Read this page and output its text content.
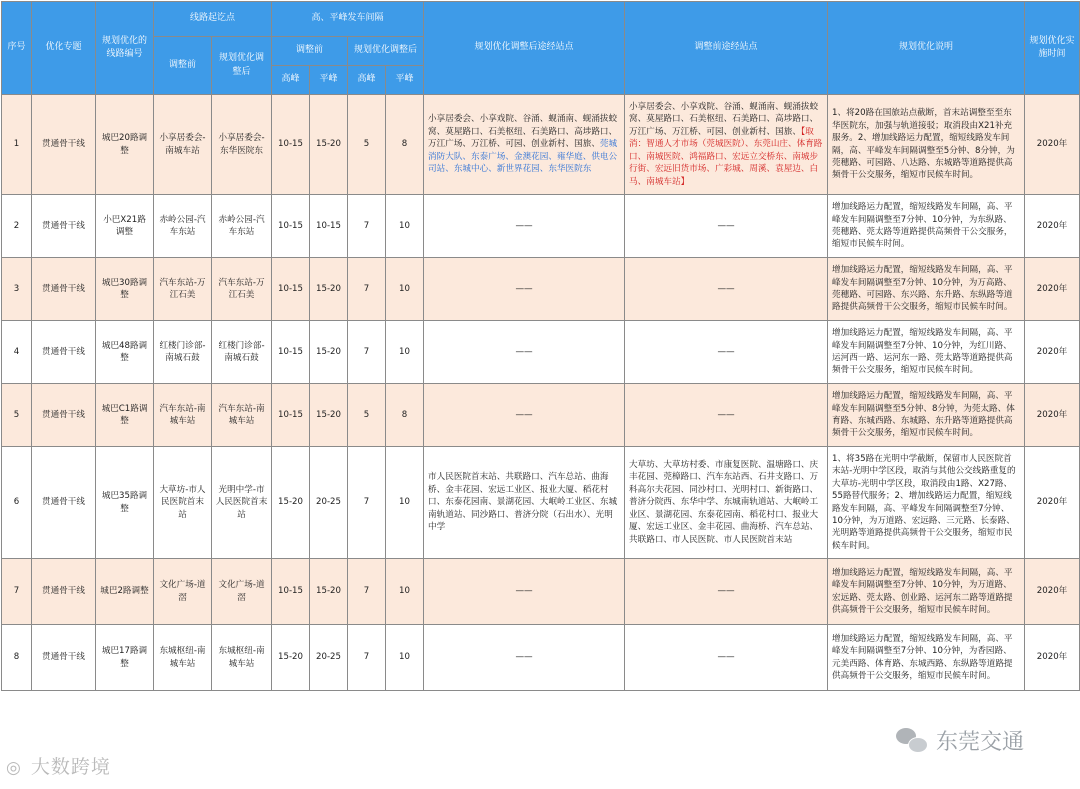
序号	优化专题	规划优化的线路编号	线路起讫点		高、平峰发车间隔				规划优化调整后途经站点	调整前途经站点	规划优化说明	规划优化实施时间
			调整前	规划优化调整后	调整前		规划优化调整后					
					高峰	平峰	高峰	平峰				
1	贯通骨干线	城巴20路调整	小享居委会-南城车站	小享居委会-东华医院东	10-15	15-20	5	8	小享居委会、小享戏院、谷涌、蚬涌南、蚬涌拔蛟窝、莫屋路口、石美枢纽、石美路口、高埗路口、万江广场、万江桥、可园、创业新村、国旅、莞城消防大队、东泰广场、金澳花园、雍华庭、供电公司站、东城中心、新世界花园、东华医院东	小享居委会、小享戏院、谷涌、蚬涌南、蚬涌拔蛟窝、莫屋路口、石美枢纽、石美路口、高埗路口、万江广场、万江桥、可园、创业新村、国旅、【取消：智通人才市场（莞城医院）、东莞山庄、体育路口、南城医院、鸿福路口、宏远立交桥东、南城步行街、宏远旧货市场、广彩城、周溪、袁屋边、白马、南城车站】	1、将20路在国旅站点截断，首末站调整至至东华医院东，加强与轨道接驳；取消段由X21补充服务。2、增加线路运力配置，缩短线路发车间隔，高、平峰发车间隔调整至5分钟、8分钟，为莞穗路、可园路、八达路、东城路等道路提供高频骨干公交服务，缩短市民候车时间。	2020年
2	贯通骨干线	小巴X21路调整	赤岭公园-汽车东站	赤岭公园-汽车东站	10-15	10-15	7	10	——	——	增加线路运力配置，缩短线路发车间隔，高、平峰发车间隔调整至7分钟、10分钟，为东纵路、莞穗路、莞太路等道路提供高频骨干公交服务，缩短市民候车时间。	2020年
3	贯通骨干线	城巴30路调整	汽车东站-万江石美	汽车东站-万江石美	10-15	15-20	7	10	——	——	增加线路运力配置，缩短线路发车间隔，高、平峰发车间隔调整至7分钟、10分钟，为万高路、莞穗路、可园路、东兴路、东升路、东纵路等道路提供高频骨干公交服务，缩短市民候车时间。	2020年
4	贯通骨干线	城巴48路调整	红楼门诊部-南城石鼓	红楼门诊部-南城石鼓	10-15	15-20	7	10	——	——	增加线路运力配置，缩短线路发车间隔，高、平峰发车间隔调整至7分钟、10分钟，为红川路、运河西一路、运河东一路、莞太路等道路提供高频骨干公交服务，缩短市民候车时间。	2020年
5	贯通骨干线	城巴C1路调整	汽车东站-南城车站	汽车东站-南城车站	10-15	15-20	5	8	——	——	增加线路运力配置，缩短线路发车间隔，高、平峰发车间隔调整至5分钟、8分钟，为莞太路、体育路、东城西路、东城路、东升路等道路提供高频骨干公交服务，缩短市民候车时间。	2020年
6	贯通骨干线	城巴35路调整	大草坊-市人民医院首末站	光明中学-市人民医院首末站	15-20	20-25	7	10	市人民医院首末站、共联路口、汽车总站、曲海桥、金丰花园、宏远工业区、报业大厦、稻花村口、东泰花园南、景湖花园、大岷岭工业区、东城南轨道站、同沙路口、普济分院（石出水）、光明中学	大草坊、大草坊村委、市康复医院、温塘路口、庆丰花园、莞樟路口、汽车东站西、石井支路口、万科高尔夫花园、同沙村口、光明村口、新街路口、普济分院西、东华中学、东城南轨道站、大岷岭工业区、景湖花园、东泰花园南、稻花村口、报业大厦、宏远工业区、金丰花园、曲海桥、汽车总站、共联路口、市人民医院、市人民医院首末站	1、将35路在光明中学截断，保留市人民医院首末站-光明中学区段，取消与其他公交线路重复的大草坊-光明中学区段，取消段由1路、X27路、55路替代服务；2、增加线路运力配置，缩短线路发车间隔，高、平峰发车间隔调整至7分钟、10分钟，为万道路、宏远路、三元路、长泰路、光明路等道路提供高频骨干公交服务，缩短市民候车时间。	2020年
7	贯通骨干线	城巴2路调整	文化广场-道滘	文化广场-道滘	10-15	15-20	7	10	——	——	增加线路运力配置，缩短线路发车间隔，高、平峰发车间隔调整至7分钟、10分钟，为万道路、宏远路、莞太路、创业路、运河东二路等道路提供高频骨干公交服务，缩短市民候车时间。	2020年
8	贯通骨干线	城巴17路调整	东城枢纽-南城车站	东城枢纽-南城车站	15-20	20-25	7	10	——	——	增加线路运力配置，缩短线路发车间隔，高、平峰发车间隔调整至7分钟、10分钟，为香园路、元美西路、体育路、东城西路、东纵路等道路提供高频骨干公交服务，缩短市民候车时间。	2020年
东莞交通
◎ 大数跨境
